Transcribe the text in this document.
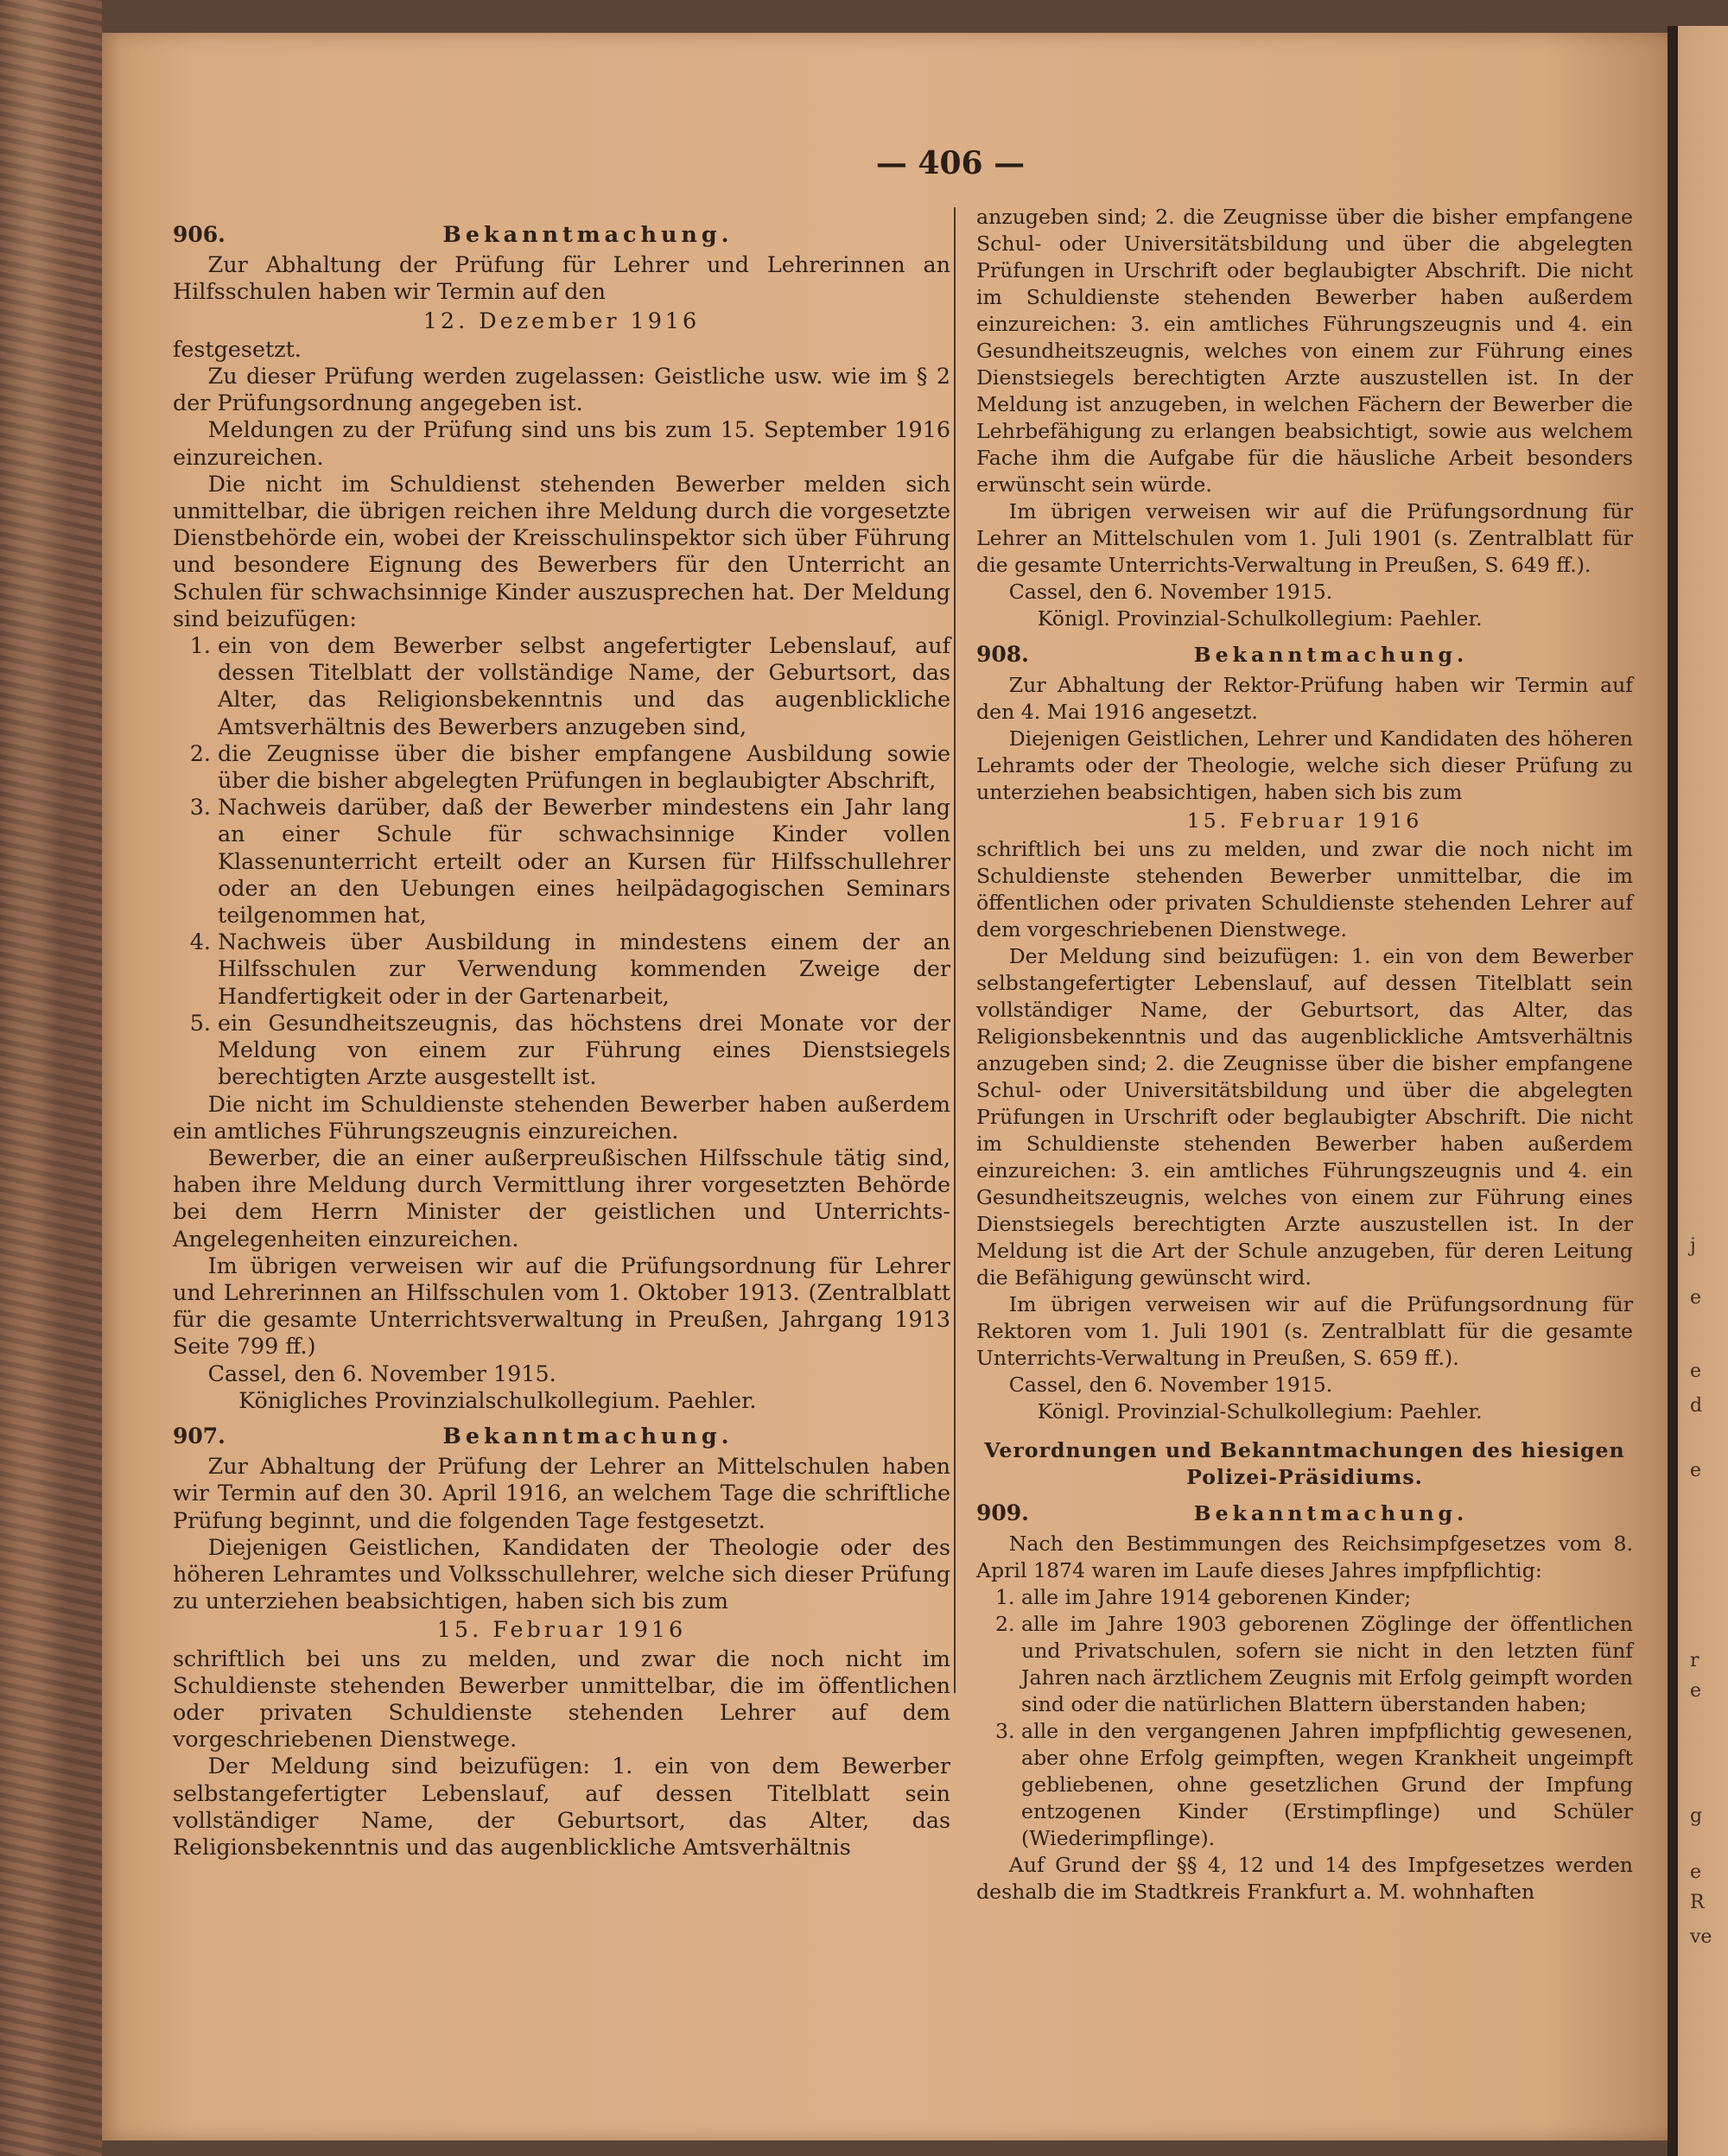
j
e
e
d
e
r
e
g
e
R
ve
— 406 —
906.	Bekanntmachung.

Zur Abhaltung der Prüfung für Lehrer und Lehrerinnen an Hilfsschulen haben wir Termin auf den

12. Dezember 1916

festgesetzt.

Zu dieser Prüfung werden zugelassen: Geistliche usw. wie im § 2 der Prüfungsordnung angegeben ist.

Meldungen zu der Prüfung sind uns bis zum 15. September 1916 einzureichen.

Die nicht im Schuldienst stehenden Bewerber melden sich unmittelbar, die übrigen reichen ihre Meldung durch die vorgesetzte Dienstbehörde ein, wobei der Kreisschulinspektor sich über Führung und besondere Eignung des Bewerbers für den Unterricht an Schulen für schwachsinnige Kinder auszusprechen hat. Der Meldung sind beizufügen:

1. ein von dem Bewerber selbst angefertigter Lebenslauf, auf dessen Titelblatt der vollständige Name, der Geburtsort, das Alter, das Religionsbekenntnis und das augenblickliche Amtsverhältnis des Bewerbers anzugeben sind,
2. die Zeugnisse über die bisher empfangene Ausbildung sowie über die bisher abgelegten Prüfungen in beglaubigter Abschrift,
3. Nachweis darüber, daß der Bewerber mindestens ein Jahr lang an einer Schule für schwachsinnige Kinder vollen Klassenunterricht erteilt oder an Kursen für Hilfsschullehrer oder an den Uebungen eines heilpädagogischen Seminars teilgenommen hat,
4. Nachweis über Ausbildung in mindestens einem der an Hilfsschulen zur Verwendung kommenden Zweige der Handfertigkeit oder in der Gartenarbeit,
5. ein Gesundheitszeugnis, das höchstens drei Monate vor der Meldung von einem zur Führung eines Dienstsiegels berechtigten Arzte ausgestellt ist.

Die nicht im Schuldienste stehenden Bewerber haben außerdem ein amtliches Führungszeugnis einzureichen.

Bewerber, die an einer außerpreußischen Hilfsschule tätig sind, haben ihre Meldung durch Vermittlung ihrer vorgesetzten Behörde bei dem Herrn Minister der geistlichen und Unterrichts-Angelegenheiten einzureichen.

Im übrigen verweisen wir auf die Prüfungsordnung für Lehrer und Lehrerinnen an Hilfsschulen vom 1. Oktober 1913. (Zentralblatt für die gesamte Unterrichtsverwaltung in Preußen, Jahrgang 1913 Seite 799 ff.)

Cassel, den 6. November 1915.

Königliches Provinzialschulkollegium. Paehler.

907.	Bekanntmachung.

Zur Abhaltung der Prüfung der Lehrer an Mittelschulen haben wir Termin auf den 30. April 1916, an welchem Tage die schriftliche Prüfung beginnt, und die folgenden Tage festgesetzt.

Diejenigen Geistlichen, Kandidaten der Theologie oder des höheren Lehramtes und Volksschullehrer, welche sich dieser Prüfung zu unterziehen beabsichtigen, haben sich bis zum

15. Februar 1916

schriftlich bei uns zu melden, und zwar die noch nicht im Schuldienste stehenden Bewerber unmittelbar, die im öffentlichen oder privaten Schuldienste stehenden Lehrer auf dem vorgeschriebenen Dienstwege.

Der Meldung sind beizufügen: 1. ein von dem Bewerber selbstangefertigter Lebenslauf, auf dessen Titelblatt sein vollständiger Name, der Geburtsort, das Alter, das Religionsbekenntnis und das augenblickliche Amtsverhältnis

anzugeben sind; 2. die Zeugnisse über die bisher empfangene Schul- oder Universitätsbildung und über die abgelegten Prüfungen in Urschrift oder beglaubigter Abschrift. Die nicht im Schuldienste stehenden Bewerber haben außerdem einzureichen: 3. ein amtliches Führungszeugnis und 4. ein Gesundheitszeugnis, welches von einem zur Führung eines Dienstsiegels berechtigten Arzte auszustellen ist. In der Meldung ist anzugeben, in welchen Fächern der Bewerber die Lehrbefähigung zu erlangen beabsichtigt, sowie aus welchem Fache ihm die Aufgabe für die häusliche Arbeit besonders erwünscht sein würde.

Im übrigen verweisen wir auf die Prüfungsordnung für Lehrer an Mittelschulen vom 1. Juli 1901 (s. Zentralblatt für die gesamte Unterrichts-Verwaltung in Preußen, S. 649 ff.).

Cassel, den 6. November 1915.

Königl. Provinzial-Schulkollegium: Paehler.

908.	Bekanntmachung.

Zur Abhaltung der Rektor-Prüfung haben wir Termin auf den 4. Mai 1916 angesetzt.

Diejenigen Geistlichen, Lehrer und Kandidaten des höheren Lehramts oder der Theologie, welche sich dieser Prüfung zu unterziehen beabsichtigen, haben sich bis zum

15. Februar 1916

schriftlich bei uns zu melden, und zwar die noch nicht im Schuldienste stehenden Bewerber unmittelbar, die im öffentlichen oder privaten Schuldienste stehenden Lehrer auf dem vorgeschriebenen Dienstwege.

Der Meldung sind beizufügen: 1. ein von dem Bewerber selbstangefertigter Lebenslauf, auf dessen Titelblatt sein vollständiger Name, der Geburtsort, das Alter, das Religionsbekenntnis und das augenblickliche Amtsverhältnis anzugeben sind; 2. die Zeugnisse über die bisher empfangene Schul- oder Universitätsbildung und über die abgelegten Prüfungen in Urschrift oder beglaubigter Abschrift. Die nicht im Schuldienste stehenden Bewerber haben außerdem einzureichen: 3. ein amtliches Führungszeugnis und 4. ein Gesundheitszeugnis, welches von einem zur Führung eines Dienstsiegels berechtigten Arzte auszustellen ist. In der Meldung ist die Art der Schule anzugeben, für deren Leitung die Befähigung gewünscht wird.

Im übrigen verweisen wir auf die Prüfungsordnung für Rektoren vom 1. Juli 1901 (s. Zentralblatt für die gesamte Unterrichts-Verwaltung in Preußen, S. 659 ff.).

Cassel, den 6. November 1915.

Königl. Provinzial-Schulkollegium: Paehler.

Verordnungen und Bekanntmachungen des hiesigen Polizei-Präsidiums.
909.	Bekanntmachung.

Nach den Bestimmungen des Reichsimpfgesetzes vom 8. April 1874 waren im Laufe dieses Jahres impfpflichtig:

1. alle im Jahre 1914 geborenen Kinder;
2. alle im Jahre 1903 geborenen Zöglinge der öffentlichen und Privatschulen, sofern sie nicht in den letzten fünf Jahren nach ärztlichem Zeugnis mit Erfolg geimpft worden sind oder die natürlichen Blattern überstanden haben;
3. alle in den vergangenen Jahren impfpflichtig gewesenen, aber ohne Erfolg geimpften, wegen Krankheit ungeimpft gebliebenen, ohne gesetzlichen Grund der Impfung entzogenen Kinder (Erstimpflinge) und Schüler (Wiederimpflinge).

Auf Grund der §§ 4, 12 und 14 des Impfgesetzes werden deshalb die im Stadtkreis Frankfurt a. M. wohnhaften
